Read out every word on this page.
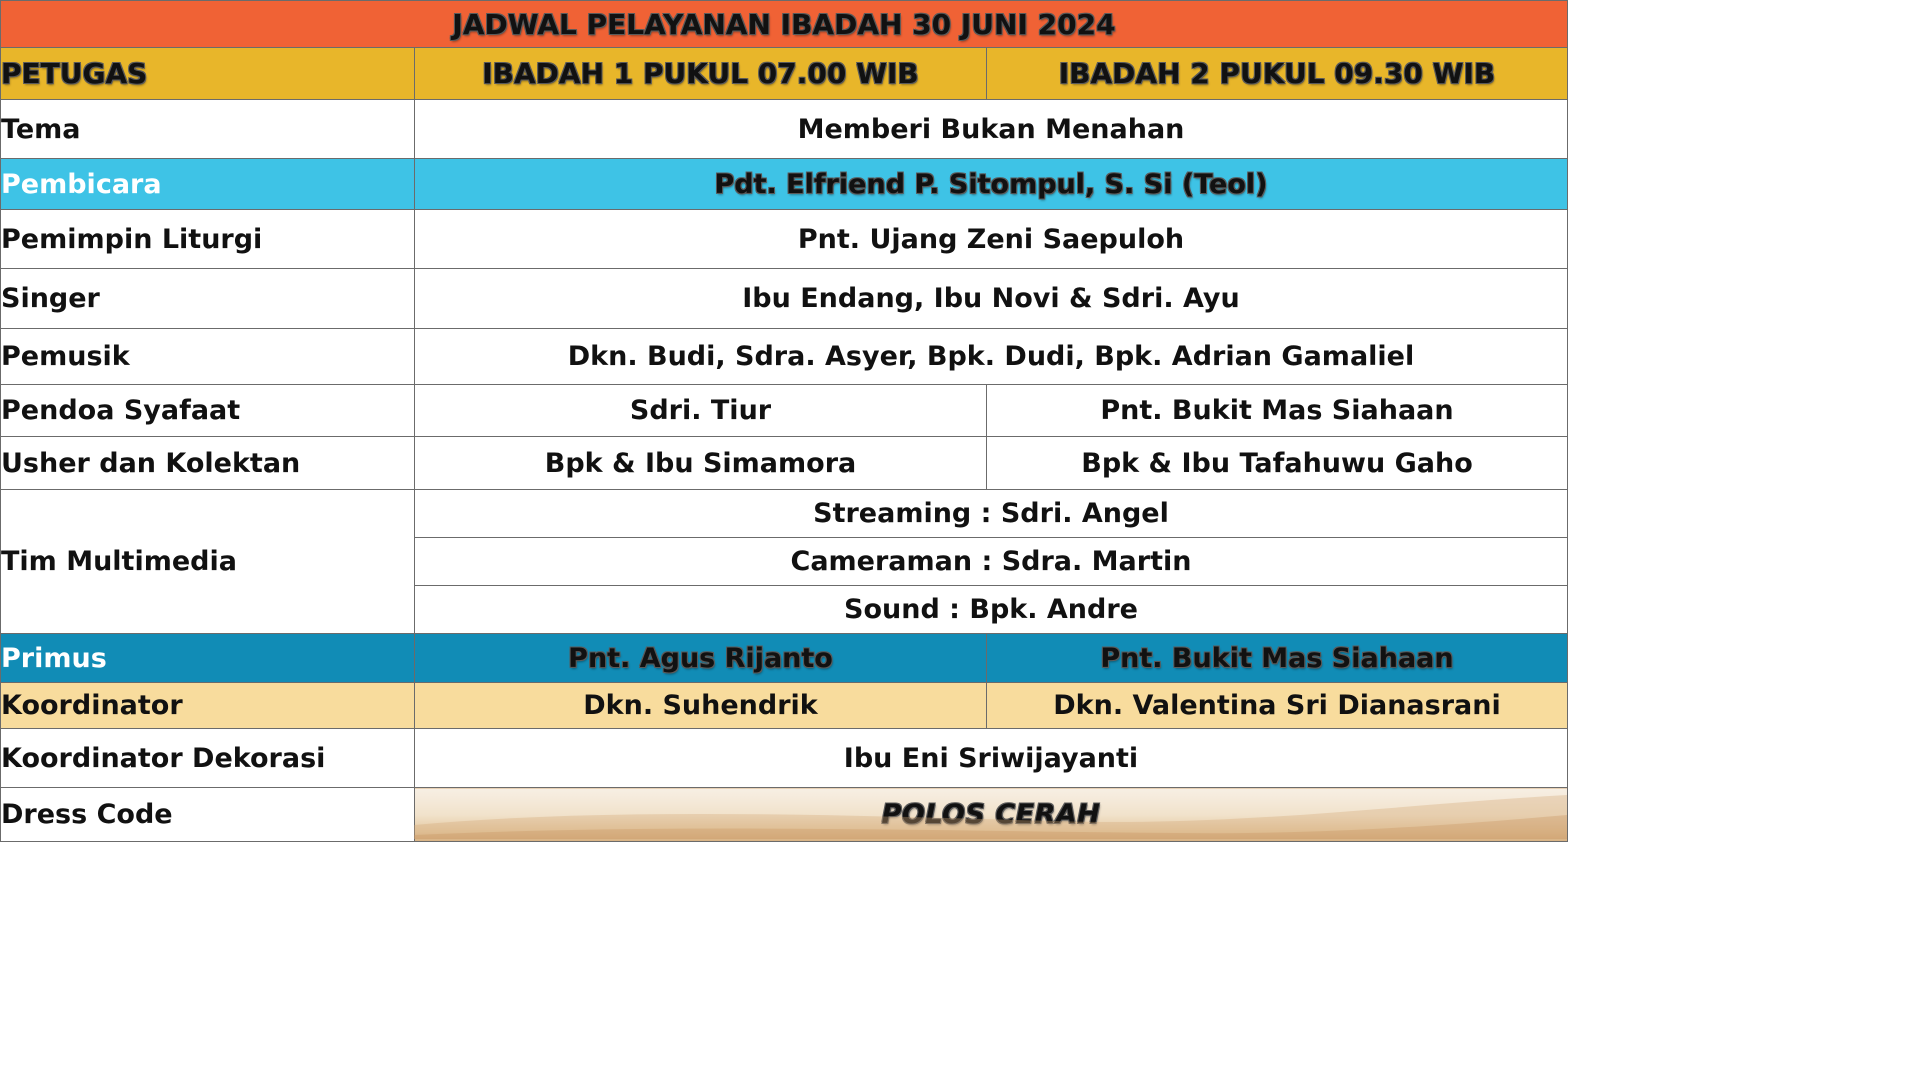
JADWAL PELAYANAN IBADAH 30 JUNI 2024		
PETUGAS	IBADAH 1 PUKUL 07.00 WIB	IBADAH 2 PUKUL 09.30 WIB
Tema	Memberi Bukan Menahan	
Pembicara	Pdt. Elfriend P. Sitompul, S. Si (Teol)	
Pemimpin Liturgi	Pnt. Ujang Zeni Saepuloh	
Singer	Ibu Endang, Ibu Novi & Sdri. Ayu	
Pemusik	Dkn. Budi, Sdra. Asyer, Bpk. Dudi, Bpk. Adrian Gamaliel	
Pendoa Syafaat	Sdri. Tiur	Pnt. Bukit Mas Siahaan
Usher dan Kolektan	Bpk & Ibu Simamora	Bpk & Ibu Tafahuwu Gaho
Tim Multimedia	Streaming : Sdri. Angel	
	Cameraman : Sdra. Martin	
	Sound : Bpk. Andre	
Primus	Pnt. Agus Rijanto	Pnt. Bukit Mas Siahaan
Koordinator	Dkn. Suhendrik	Dkn. Valentina Sri Dianasrani
Koordinator Dekorasi	Ibu Eni Sriwijayanti	
Dress Code	POLOS CERAH	
